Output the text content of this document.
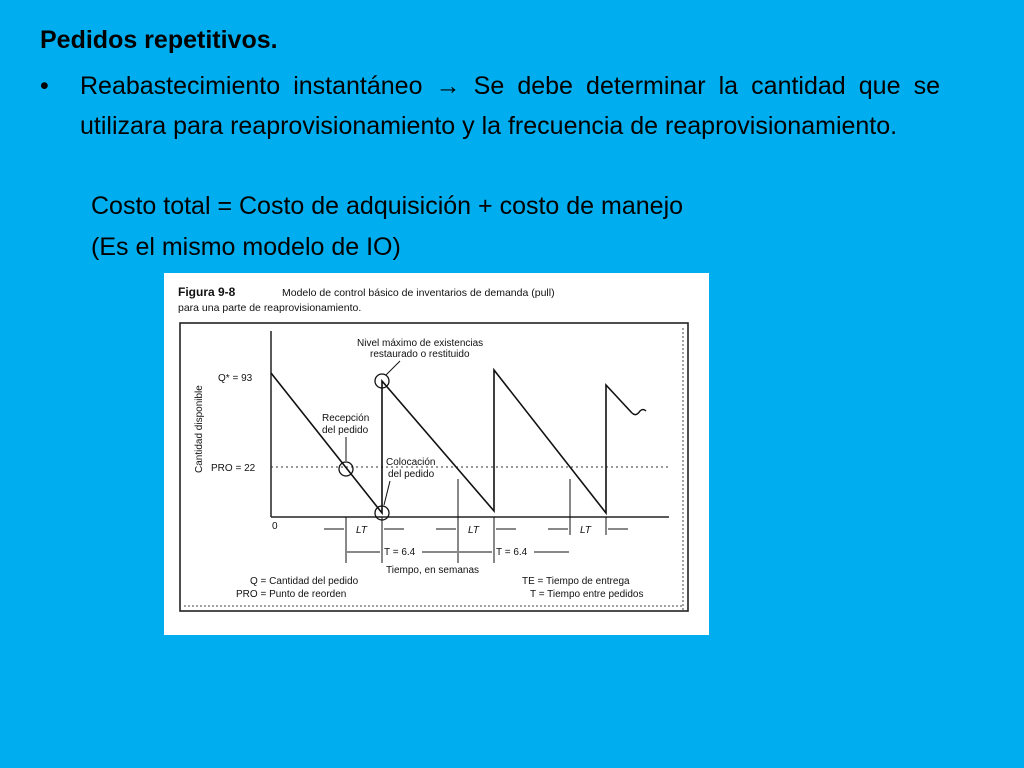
Pedidos repetitivos.
•	Reabastecimiento instantáneo → Se debe determinar la cantidad que se utilizara para reaprovisionamiento y la frecuencia de reaprovisionamiento.
Costo total = Costo de adquisición + costo de manejo
(Es el mismo modelo de IO)
Figura 9-8	Modelo de control básico de inventarios de demanda (pull)
para una parte de reaprovisionamiento.
Cantidad disponible
Q* = 93
PRO = 22
0
Nivel máximo de existencias
restaurado o restituido
Recepción
del pedido
Colocación
del pedido
LT	LT	LT
T = 6.4	T = 6.4
Tiempo, en semanas
Q = Cantidad del pedido
PRO = Punto de reorden
TE = Tiempo de entrega
T = Tiempo entre pedidos
